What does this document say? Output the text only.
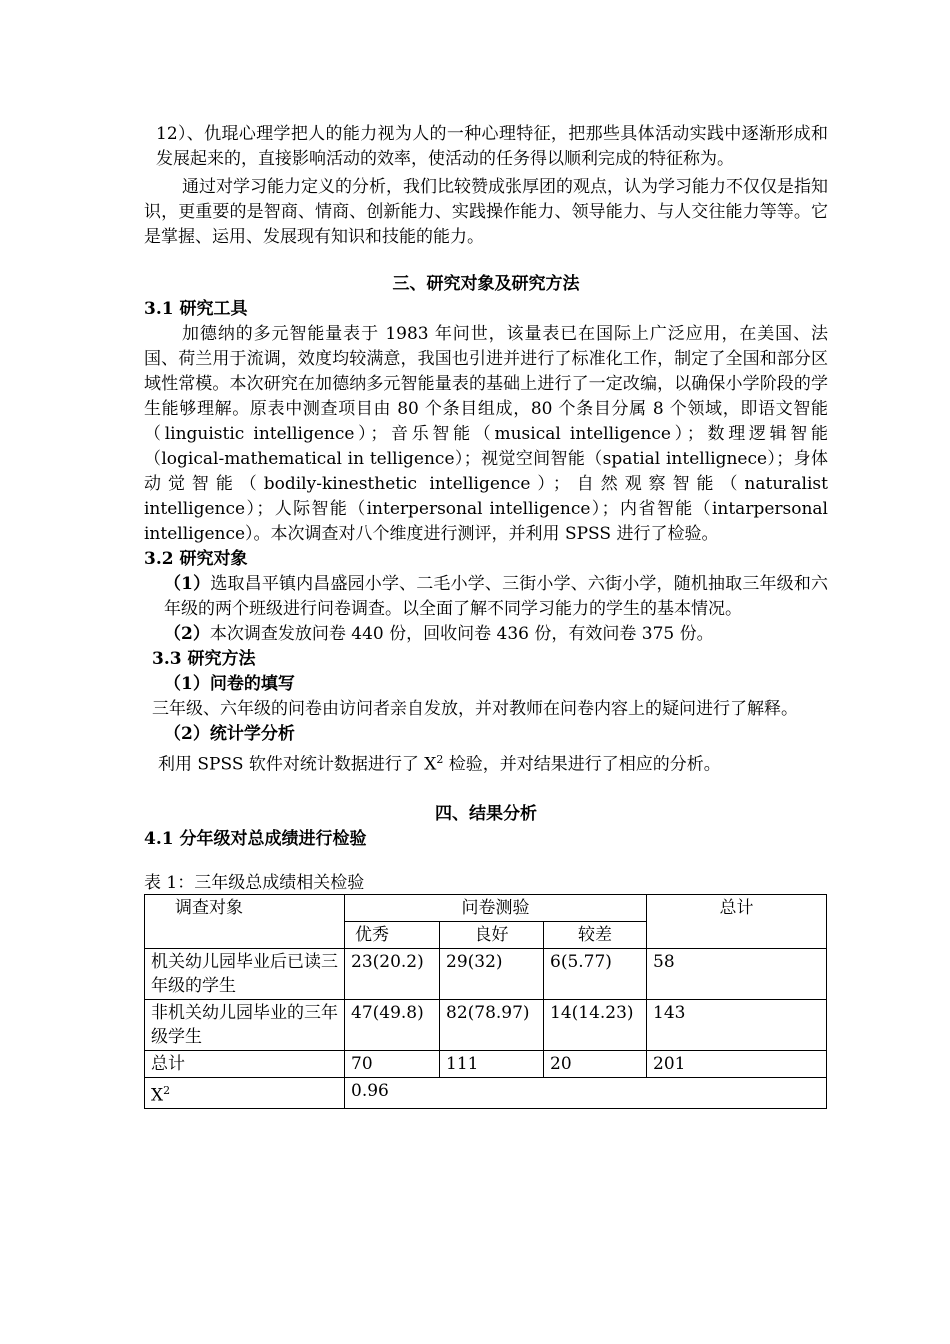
12）、仇琨心理学把人的能力视为人的一种心理特征，把那些具体活动实践中逐渐形成和发展起来的，直接影响活动的效率，使活动的任务得以顺利完成的特征称为。

通过对学习能力定义的分析，我们比较赞成张厚团的观点，认为学习能力不仅仅是指知识，更重要的是智商、情商、创新能力、实践操作能力、领导能力、与人交往能力等等。它是掌握、运用、发展现有知识和技能的能力。

三、研究对象及研究方法
3.1 研究工具

加德纳的多元智能量表于 1983 年问世，该量表已在国际上广泛应用，在美国、法国、荷兰用于流调，效度均较满意，我国也引进并进行了标准化工作，制定了全国和部分区域性常模。本次研究在加德纳多元智能量表的基础上进行了一定改编，以确保小学阶段的学生能够理解。原表中测查项目由 80 个条目组成，80 个条目分属 8 个领域，即语文智能（linguistic intelligence）；音乐智能（musical intelligence）；数理逻辑智能（logical-mathematical in telligence）；视觉空间智能（spatial intellignece）；身体动觉智能（bodily-kinesthetic intelligence）；自然观察智能（naturalist intelligence）；人际智能（interpersonal intelligence）；内省智能（intarpersonal intelligence）。本次调查对八个维度进行测评，并利用 SPSS 进行了检验。

3.2 研究对象

（1）选取昌平镇内昌盛园小学、二毛小学、三街小学、六街小学，随机抽取三年级和六年级的两个班级进行问卷调查。以全面了解不同学习能力的学生的基本情况。

（2）本次调查发放问卷 440 份，回收问卷 436 份，有效问卷 375 份。

3.3 研究方法
（1）问卷的填写

三年级、六年级的问卷由访问者亲自发放，并对教师在问卷内容上的疑问进行了解释。

（2）统计学分析

利用 SPSS 软件对统计数据进行了 $X^2$ 检验，并对结果进行了相应的分析。

四、结果分析
4.1 分年级对总成绩进行检验
表 1：三年级总成绩相关检验
调查对象	问卷测验			总计
	优秀	良好	较差	
机关幼儿园毕业后已读三年级的学生	23(20.2)	29(32)	6(5.77)	58
非机关幼儿园毕业的三年级学生	47(49.8)	82(78.97)	14(14.23)	143
总计	70	111	20	201
$X^2$	0.96			
